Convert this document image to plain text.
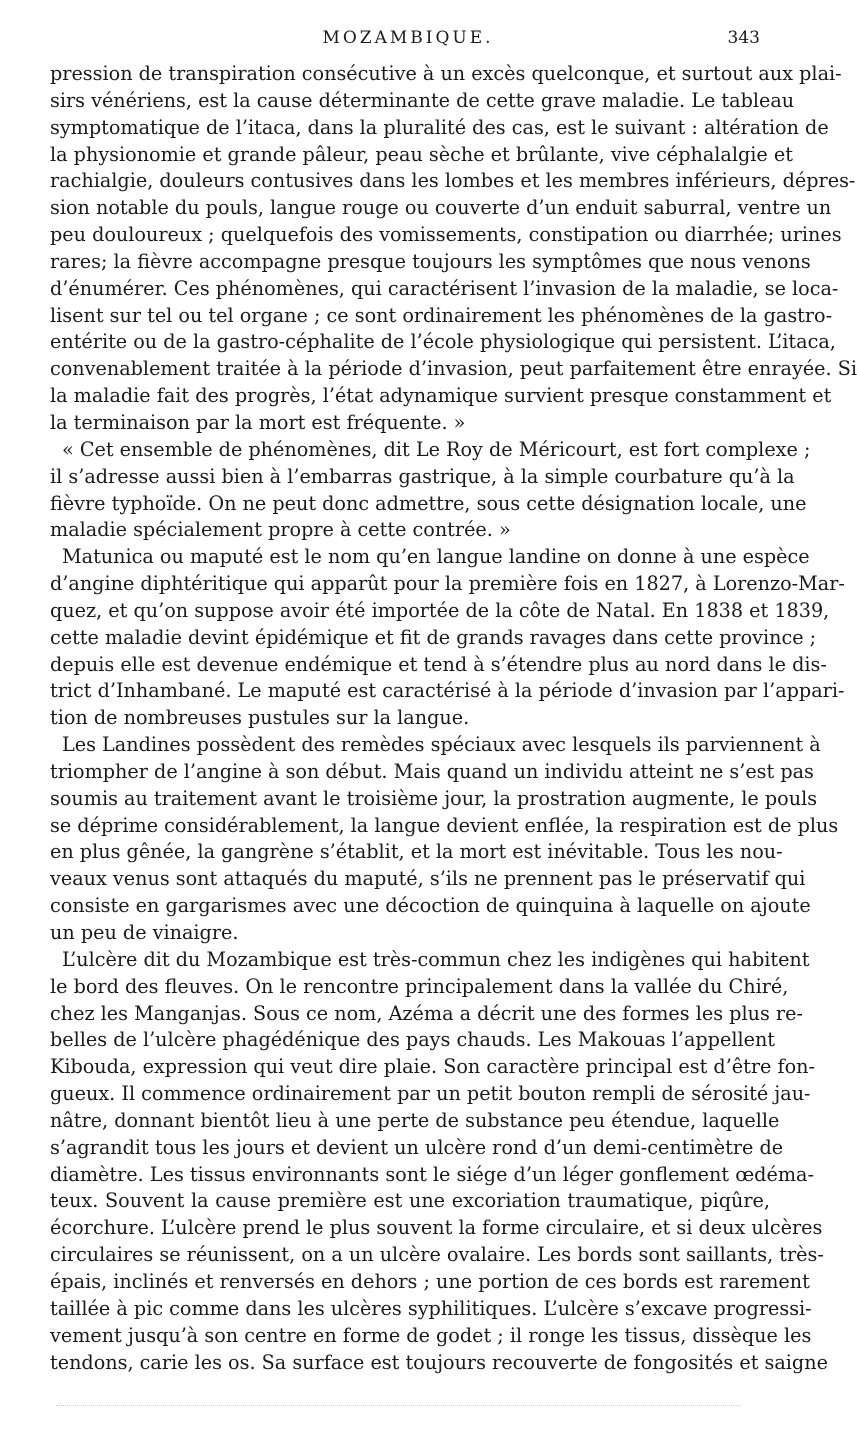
MOZAMBIQUE.	343
pression de transpiration consécutive à un excès quelconque, et surtout aux plai-
sirs vénériens, est la cause déterminante de cette grave maladie. Le tableau
symptomatique de l’itaca, dans la pluralité des cas, est le suivant : altération de
la physionomie et grande pâleur, peau sèche et brûlante, vive céphalalgie et
rachialgie, douleurs contusives dans les lombes et les membres inférieurs, dépres-
sion notable du pouls, langue rouge ou couverte d’un enduit saburral, ventre un
peu douloureux ; quelquefois des vomissements, constipation ou diarrhée; urines
rares; la fièvre accompagne presque toujours les symptômes que nous venons
d’énumérer. Ces phénomènes, qui caractérisent l’invasion de la maladie, se loca-
lisent sur tel ou tel organe ; ce sont ordinairement les phénomènes de la gastro-
entérite ou de la gastro-céphalite de l’école physiologique qui persistent. L’itaca,
convenablement traitée à la période d’invasion, peut parfaitement être enrayée. Si
la maladie fait des progrès, l’état adynamique survient presque constamment et
la terminaison par la mort est fréquente. »
« Cet ensemble de phénomènes, dit Le Roy de Méricourt, est fort complexe ;
il s’adresse aussi bien à l’embarras gastrique, à la simple courbature qu’à la
fièvre typhoïde. On ne peut donc admettre, sous cette désignation locale, une
maladie spécialement propre à cette contrée. »
Matunica ou maputé est le nom qu’en langue landine on donne à une espèce
d’angine diphtéritique qui apparût pour la première fois en 1827, à Lorenzo-Mar-
quez, et qu’on suppose avoir été importée de la côte de Natal. En 1838 et 1839,
cette maladie devint épidémique et fit de grands ravages dans cette province ;
depuis elle est devenue endémique et tend à s’étendre plus au nord dans le dis-
trict d’Inhambané. Le maputé est caractérisé à la période d’invasion par l’appari-
tion de nombreuses pustules sur la langue.
Les Landines possèdent des remèdes spéciaux avec lesquels ils parviennent à
triompher de l’angine à son début. Mais quand un individu atteint ne s’est pas
soumis au traitement avant le troisième jour, la prostration augmente, le pouls
se déprime considérablement, la langue devient enflée, la respiration est de plus
en plus gênée, la gangrène s’établit, et la mort est inévitable. Tous les nou-
veaux venus sont attaqués du maputé, s’ils ne prennent pas le préservatif qui
consiste en gargarismes avec une décoction de quinquina à laquelle on ajoute
un peu de vinaigre.
L’ulcère dit du Mozambique est très-commun chez les indigènes qui habitent
le bord des fleuves. On le rencontre principalement dans la vallée du Chiré,
chez les Manganjas. Sous ce nom, Azéma a décrit une des formes les plus re-
belles de l’ulcère phagédénique des pays chauds. Les Makouas l’appellent
Kibouda, expression qui veut dire plaie. Son caractère principal est d’être fon-
gueux. Il commence ordinairement par un petit bouton rempli de sérosité jau-
nâtre, donnant bientôt lieu à une perte de substance peu étendue, laquelle
s’agrandit tous les jours et devient un ulcère rond d’un demi-centimètre de
diamètre. Les tissus environnants sont le siége d’un léger gonflement œdéma-
teux. Souvent la cause première est une excoriation traumatique, piqûre,
écorchure. L’ulcère prend le plus souvent la forme circulaire, et si deux ulcères
circulaires se réunissent, on a un ulcère ovalaire. Les bords sont saillants, très-
épais, inclinés et renversés en dehors ; une portion de ces bords est rarement
taillée à pic comme dans les ulcères syphilitiques. L’ulcère s’excave progressi-
vement jusqu’à son centre en forme de godet ; il ronge les tissus, dissèque les
tendons, carie les os. Sa surface est toujours recouverte de fongosités et saigne
